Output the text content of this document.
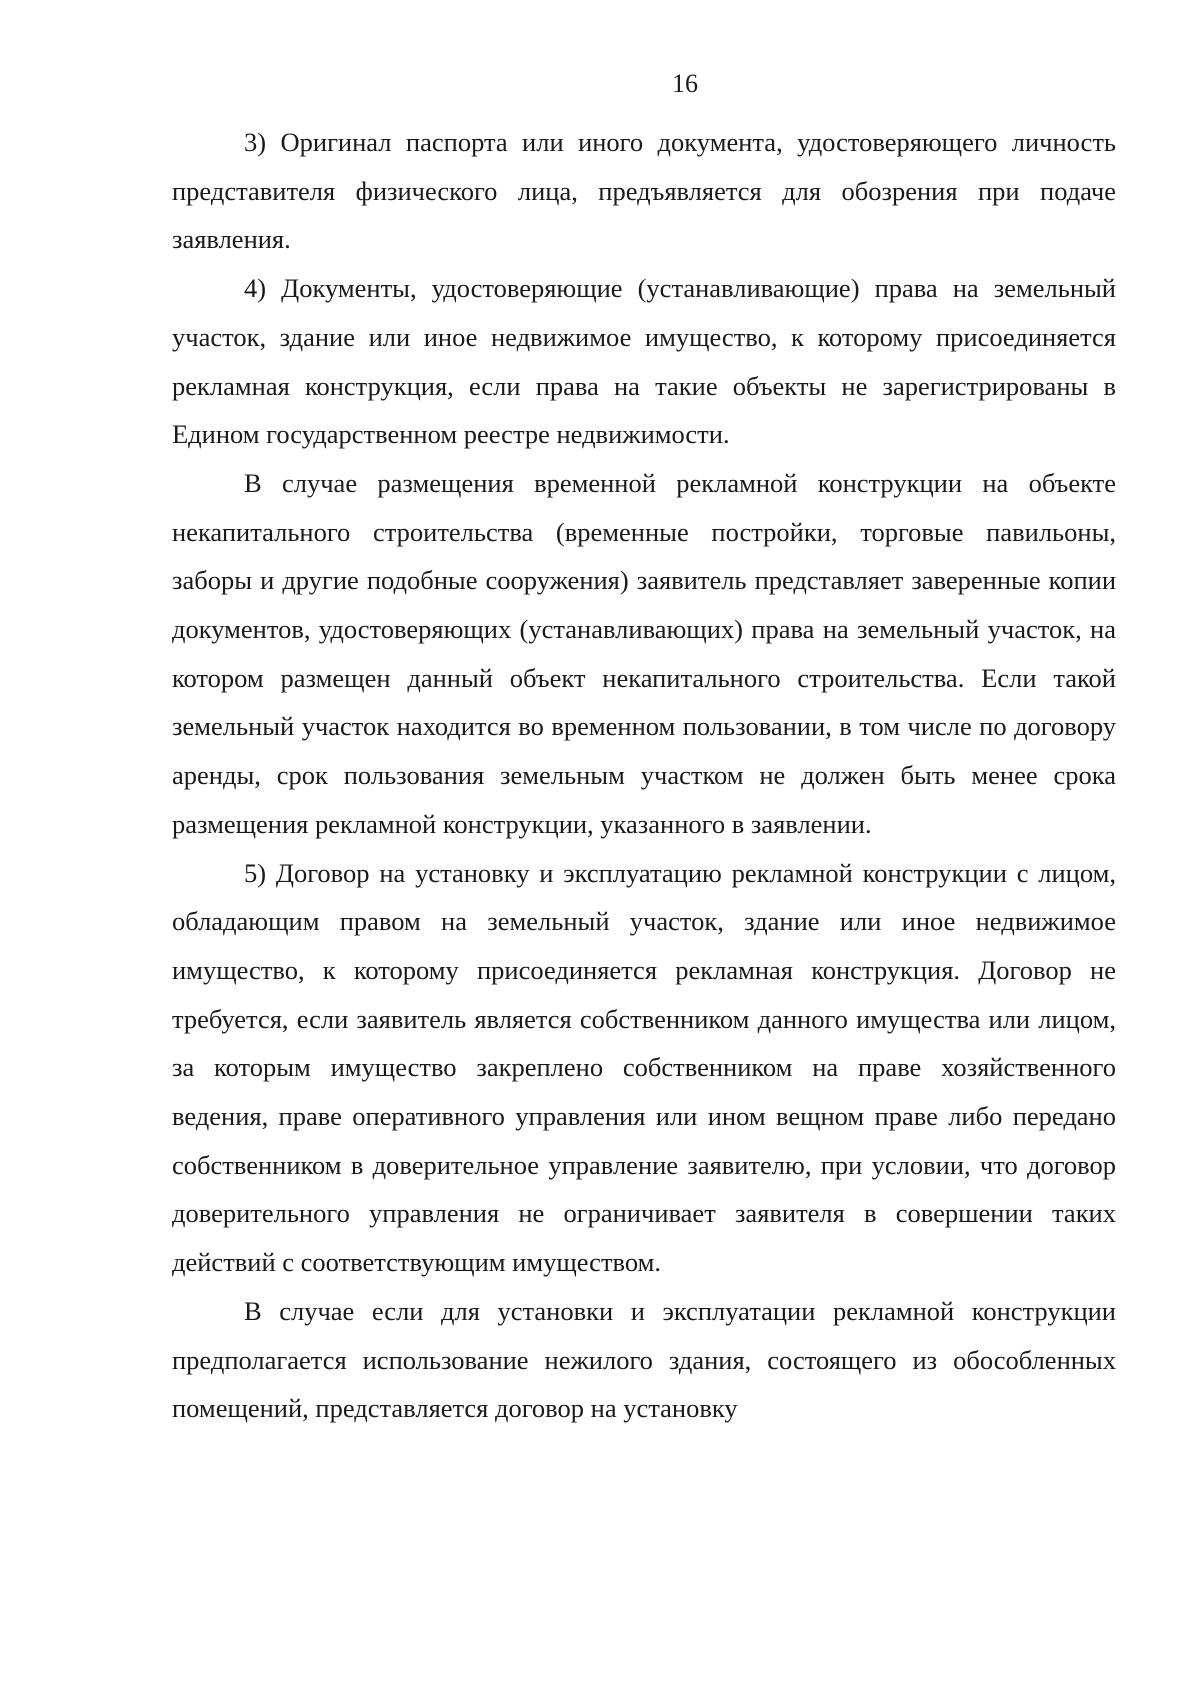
16

3) Оригинал паспорта или иного документа, удостоверяющего личность представителя физического лица, предъявляется для обозрения при подаче заявления.

4) Документы, удостоверяющие (устанавливающие) права на земельный участок, здание или иное недвижимое имущество, к которому присоединяется рекламная конструкция, если права на такие объекты не зарегистрированы в Едином государственном реестре недвижимости.

В случае размещения временной рекламной конструкции на объекте некапитального строительства (временные постройки, торговые павильоны, заборы и другие подобные сооружения) заявитель представляет заверенные копии документов, удостоверяющих (устанавливающих) права на земельный участок, на котором размещен данный объект некапитального строительства. Если такой земельный участок находится во временном пользовании, в том числе по договору аренды, срок пользования земельным участком не должен быть менее срока размещения рекламной конструкции, указанного в заявлении.

5) Договор на установку и эксплуатацию рекламной конструкции с лицом, обладающим правом на земельный участок, здание или иное недвижимое имущество, к которому присоединяется рекламная конструкция. Договор не требуется, если заявитель является собственником данного имущества или лицом, за которым имущество закреплено собственником на праве хозяйственного ведения, праве оперативного управления или ином вещном праве либо передано собственником в доверительное управление заявителю, при условии, что договор доверительного управления не ограничивает заявителя в совершении таких действий с соответствующим имуществом.

В случае если для установки и эксплуатации рекламной конструкции предполагается использование нежилого здания, состоящего из обособленных помещений, представляется договор на установку
